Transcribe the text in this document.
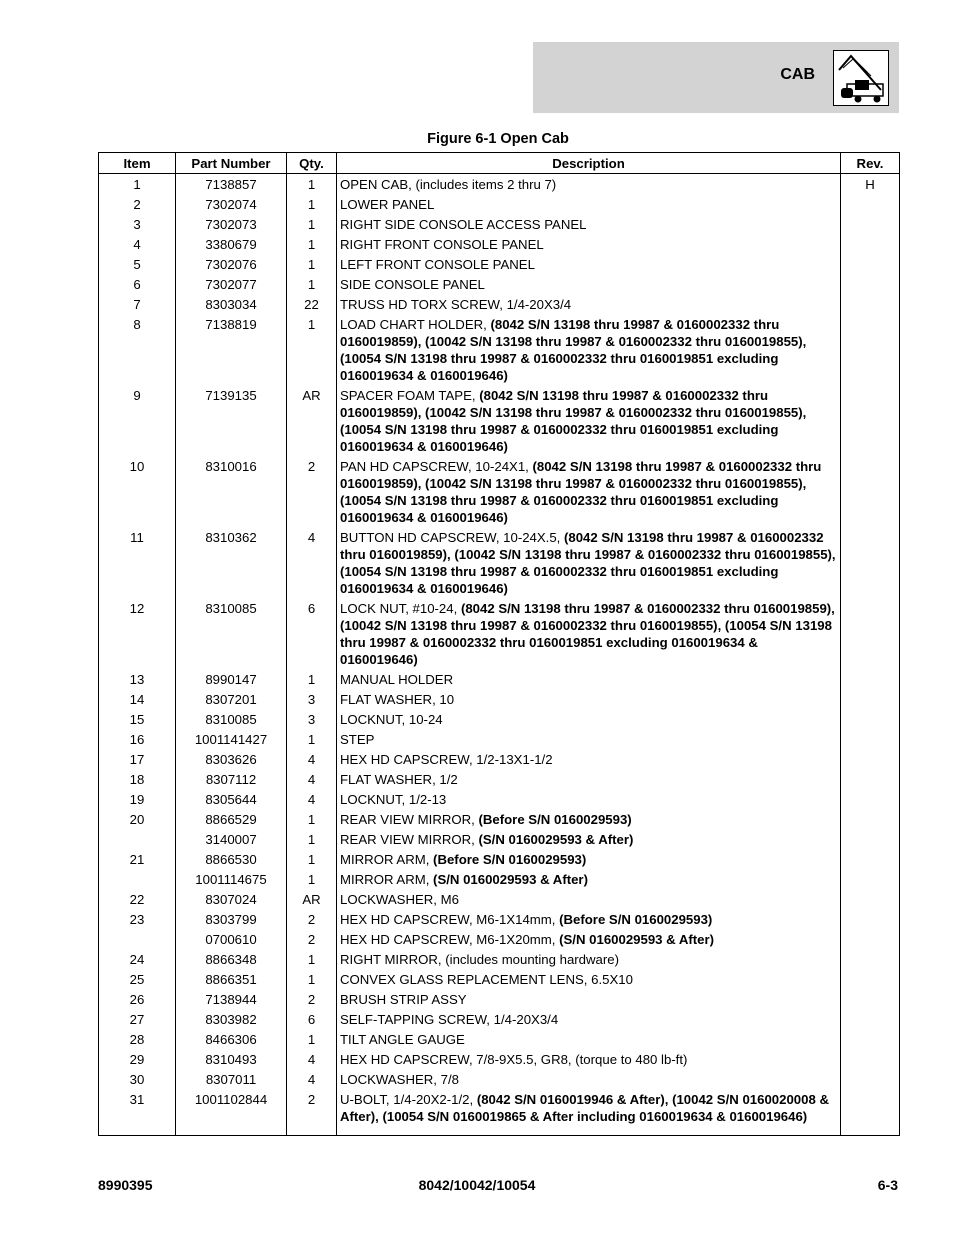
CAB
Figure 6-1 Open Cab
Item	Part Number	Qty.	Description	Rev.
1	7138857	1	OPEN CAB, (includes items 2 thru 7)	H
2	7302074	1	LOWER PANEL	
3	7302073	1	RIGHT SIDE CONSOLE ACCESS PANEL	
4	3380679	1	RIGHT FRONT CONSOLE PANEL	
5	7302076	1	LEFT FRONT CONSOLE PANEL	
6	7302077	1	SIDE CONSOLE PANEL	
7	8303034	22	TRUSS HD TORX SCREW, 1/4-20X3/4	
8	7138819	1	LOAD CHART HOLDER, (8042 S/N 13198 thru 19987 & 0160002332 thru 0160019859), (10042 S/N 13198 thru 19987 & 0160002332 thru 0160019855), (10054 S/N 13198 thru 19987 & 0160002332 thru 0160019851 excluding 0160019634 & 0160019646)	
9	7139135	AR	SPACER FOAM TAPE, (8042 S/N 13198 thru 19987 & 0160002332 thru 0160019859), (10042 S/N 13198 thru 19987 & 0160002332 thru 0160019855), (10054 S/N 13198 thru 19987 & 0160002332 thru 0160019851 excluding 0160019634 & 0160019646)	
10	8310016	2	PAN HD CAPSCREW, 10-24X1, (8042 S/N 13198 thru 19987 & 0160002332 thru 0160019859), (10042 S/N 13198 thru 19987 & 0160002332 thru 0160019855), (10054 S/N 13198 thru 19987 & 0160002332 thru 0160019851 excluding 0160019634 & 0160019646)	
11	8310362	4	BUTTON HD CAPSCREW, 10-24X.5, (8042 S/N 13198 thru 19987 & 0160002332 thru 0160019859), (10042 S/N 13198 thru 19987 & 0160002332 thru 0160019855), (10054 S/N 13198 thru 19987 & 0160002332 thru 0160019851 excluding 0160019634 & 0160019646)	
12	8310085	6	LOCK NUT, #10-24, (8042 S/N 13198 thru 19987 & 0160002332 thru 0160019859), (10042 S/N 13198 thru 19987 & 0160002332 thru 0160019855), (10054 S/N 13198 thru 19987 & 0160002332 thru 0160019851 excluding 0160019634 & 0160019646)	
13	8990147	1	MANUAL HOLDER	
14	8307201	3	FLAT WASHER, 10	
15	8310085	3	LOCKNUT, 10-24	
16	1001141427	1	STEP	
17	8303626	4	HEX HD CAPSCREW, 1/2-13X1-1/2	
18	8307112	4	FLAT WASHER, 1/2	
19	8305644	4	LOCKNUT, 1/2-13	
20	8866529	1	REAR VIEW MIRROR, (Before S/N 0160029593)	
	3140007	1	REAR VIEW MIRROR, (S/N 0160029593 & After)	
21	8866530	1	MIRROR ARM, (Before S/N 0160029593)	
	1001114675	1	MIRROR ARM, (S/N 0160029593 & After)	
22	8307024	AR	LOCKWASHER, M6	
23	8303799	2	HEX HD CAPSCREW, M6-1X14mm, (Before S/N 0160029593)	
	0700610	2	HEX HD CAPSCREW, M6-1X20mm, (S/N 0160029593 & After)	
24	8866348	1	RIGHT MIRROR, (includes mounting hardware)	
25	8866351	1	CONVEX GLASS REPLACEMENT LENS, 6.5X10	
26	7138944	2	BRUSH STRIP ASSY	
27	8303982	6	SELF-TAPPING SCREW, 1/4-20X3/4	
28	8466306	1	TILT ANGLE GAUGE	
29	8310493	4	HEX HD CAPSCREW, 7/8-9X5.5, GR8, (torque to 480 lb-ft)	
30	8307011	4	LOCKWASHER, 7/8	
31	1001102844	2	U-BOLT, 1/4-20X2-1/2, (8042 S/N 0160019946 & After), (10042 S/N 0160020008 & After), (10054 S/N 0160019865 & After including 0160019634 & 0160019646)	
8990395	8042/10042/10054	6-3
